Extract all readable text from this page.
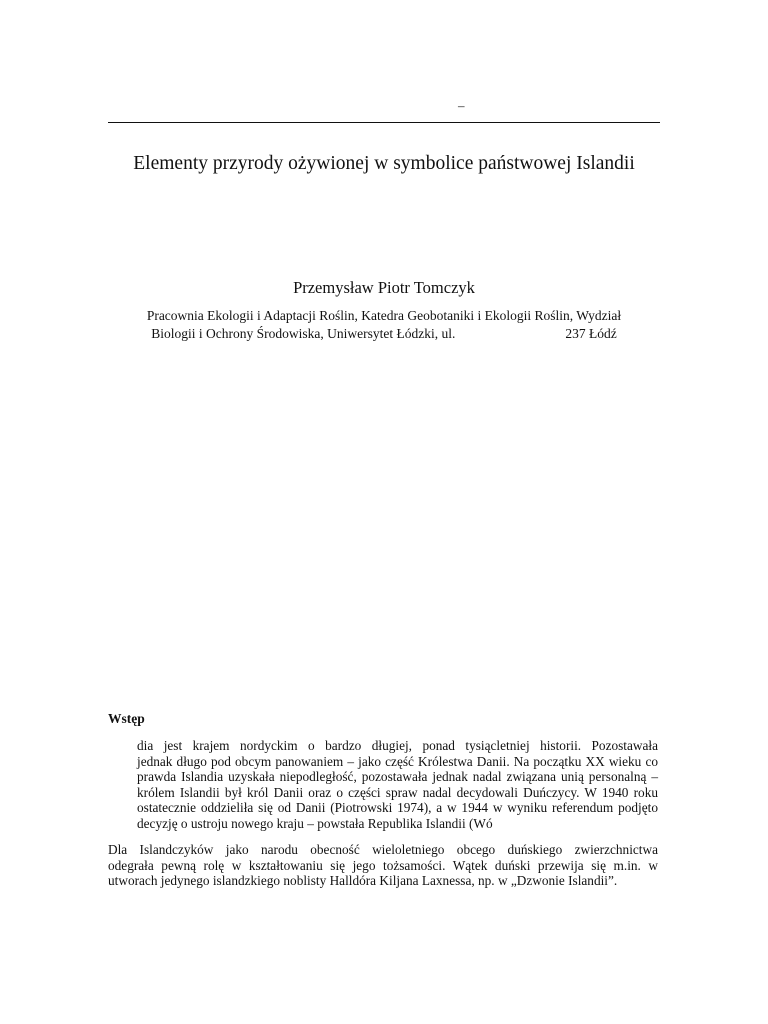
–
Elementy przyrody ożywionej w symbolice państwowej Islandii

Przemysław Piotr Tomczyk

Pracownia Ekologii i Adaptacji Roślin, Katedra Geobotaniki i Ekologii Roślin, Wydział
Biologii i Ochrony Środowiska, Uniwersytet Łódzki, ul.	237 Łódź

Wstęp

dia jest krajem nordyckim o bardzo długiej, ponad tysiącletniej historii. Pozostawała
jednak długo pod obcym panowaniem – jako część Królestwa Danii. Na początku XX wieku co
prawda Islandia uzyskała niepodległość, pozostawała jednak nadal związana unią personalną –
królem Islandii był król Danii oraz o części spraw nadal decydowali Duńczycy. W 1940 roku
ostatecznie oddzieliła się od Danii (Piotrowski 1974), a w 1944 w wyniku referendum podjęto
decyzję o ustroju nowego kraju – powstała Republika Islandii (Wó

Dla Islandczyków jako narodu obecność wieloletniego obcego duńskiego zwierzchnictwa
odegrała pewną rolę w kształtowaniu się jego tożsamości. Wątek duński przewija się m.in. w
utworach jedynego islandzkiego noblisty Halldóra Kiljana Laxnessa, np. w „Dzwonie Islandii”.
